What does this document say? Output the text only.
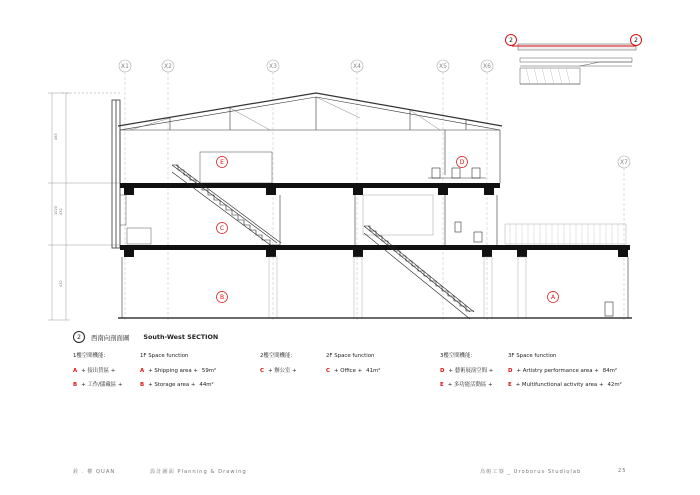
X1	X2	X3	X4	X5	X6
X7
485
1020 432
432
E	D
C
B	A
2	2
2	西南向剖面圖 South-West SECTION
1樓空間機能：
A + 接出貨區 +
B + 工作/儲藏區 +
1F Space function
A + Shipping area + 59m²
B + Storage area + 44m²
2樓空間機能：
C + 辦公室 +
2F Space function
C + Office + 41m²
3樓空間機能：
D + 藝術展演空間 +
E + 多功能活動區 +
3F Space function
D + Artistry performance area + 84m²
E + Multifunctional activity area + 42m²
銓 . 權 QUAN	設計圖面 Planning & Drawing	烏帕工寮 _ Uroborus Studiolab	25
